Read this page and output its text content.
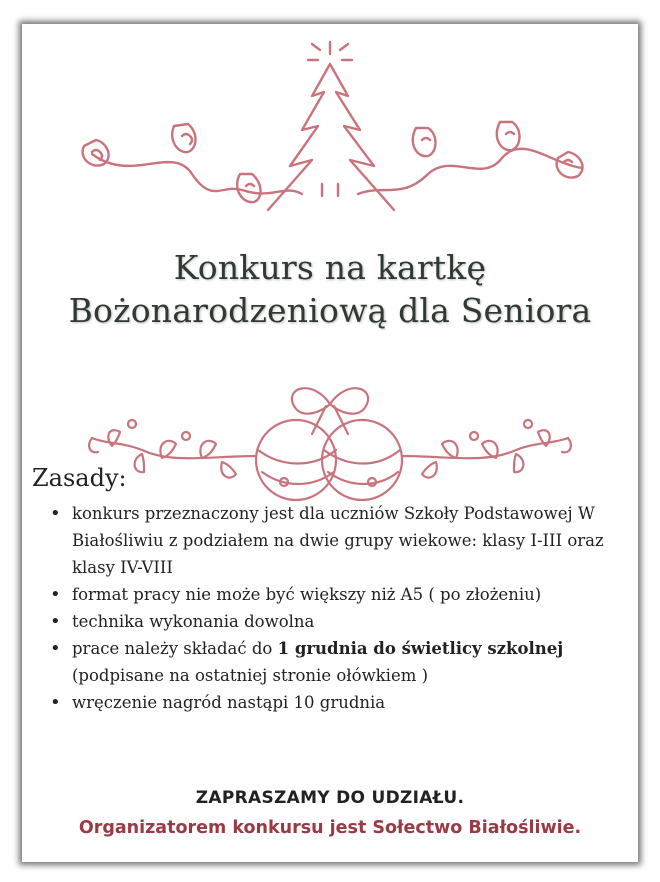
Konkurs na kartkę
Bożonarodzeniową dla Seniora
Zasady:
• konkurs przeznaczony jest dla uczniów Szkoły Podstawowej W Białośliwiu z podziałem na dwie grupy wiekowe: klasy I-III oraz  klasy IV-VIII
• format pracy nie może być większy niż A5 ( po złożeniu)
• technika wykonania dowolna
• prace należy składać do 1 grudnia do świetlicy szkolnej (podpisane na ostatniej stronie ołówkiem )
• wręczenie nagród nastąpi 10 grudnia
ZAPRASZAMY DO UDZIAŁU.
Organizatorem konkursu jest Sołectwo Białośliwie.
